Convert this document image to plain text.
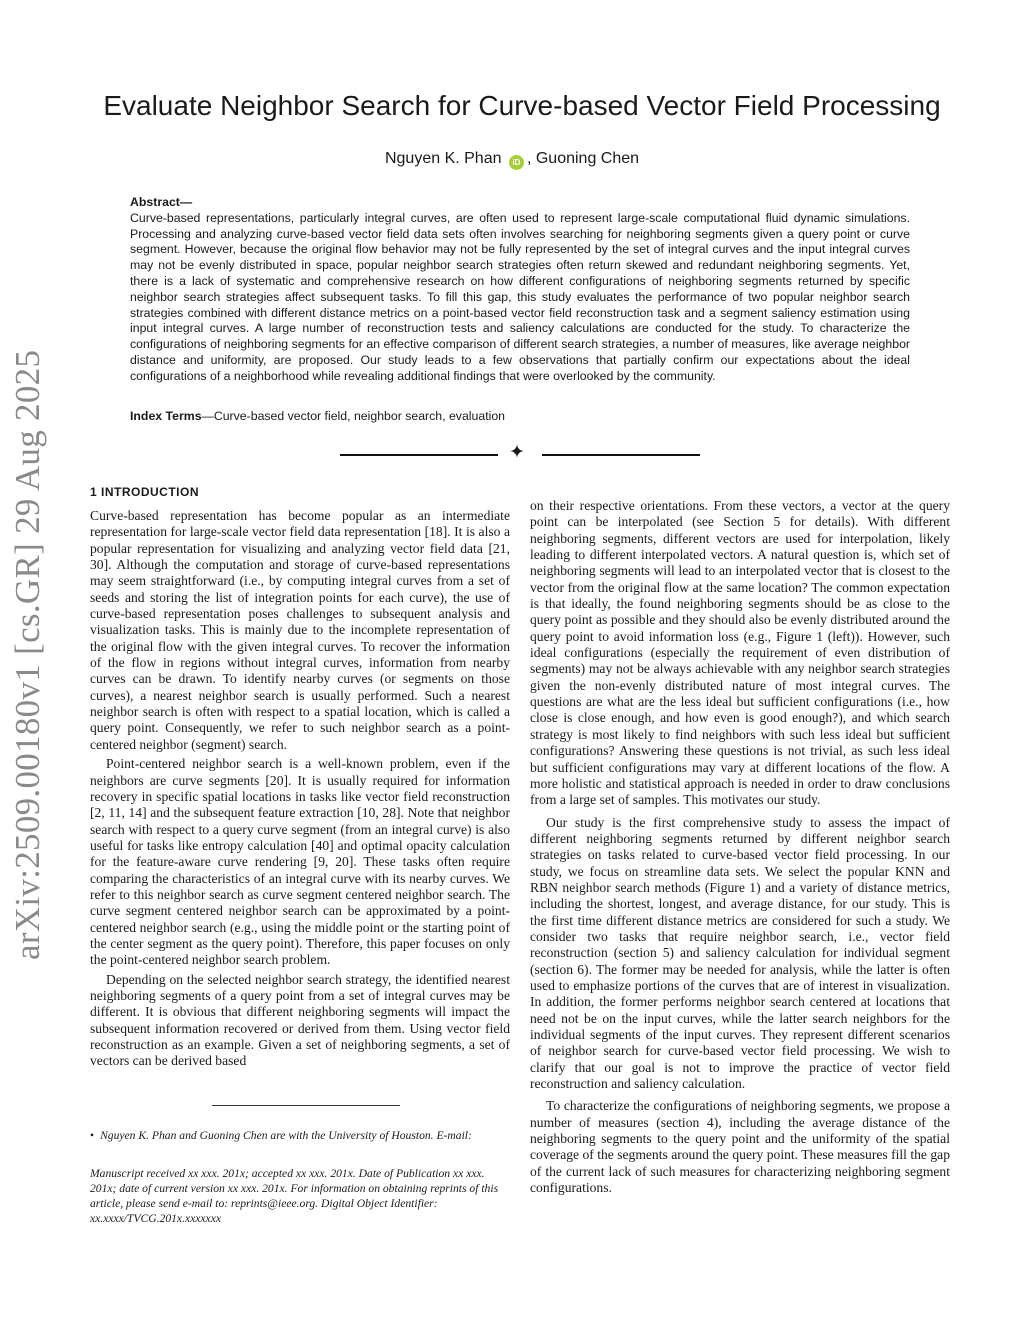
arXiv:2509.00180v1 [cs.GR] 29 Aug 2025
Evaluate Neighbor Search for Curve-based Vector Field Processing
Nguyen K. Phan iD , Guoning Chen
Abstract—
Curve-based representations, particularly integral curves, are often used to represent large-scale computational fluid dynamic simulations. Processing and analyzing curve-based vector field data sets often involves searching for neighboring segments given a query point or curve segment. However, because the original flow behavior may not be fully represented by the set of integral curves and the input integral curves may not be evenly distributed in space, popular neighbor search strategies often return skewed and redundant neighboring segments. Yet, there is a lack of systematic and comprehensive research on how different configurations of neighboring segments returned by specific neighbor search strategies affect subsequent tasks. To fill this gap, this study evaluates the performance of two popular neighbor search strategies combined with different distance metrics on a point-based vector field reconstruction task and a segment saliency estimation using input integral curves. A large number of reconstruction tests and saliency calculations are conducted for the study. To characterize the configurations of neighboring segments for an effective comparison of different search strategies, a number of measures, like average neighbor distance and uniformity, are proposed. Our study leads to a few observations that partially confirm our expectations about the ideal configurations of a neighborhood while revealing additional findings that were overlooked by the community.
Index Terms—Curve-based vector field, neighbor search, evaluation
✦
1 INTRODUCTION

Curve-based representation has become popular as an intermediate representation for large-scale vector field data representation [18]. It is also a popular representation for visualizing and analyzing vector field data [21, 30]. Although the computation and storage of curve-based representations may seem straightforward (i.e., by computing integral curves from a set of seeds and storing the list of integration points for each curve), the use of curve-based representation poses challenges to subsequent analysis and visualization tasks. This is mainly due to the incomplete representation of the original flow with the given integral curves. To recover the information of the flow in regions without integral curves, information from nearby curves can be drawn. To identify nearby curves (or segments on those curves), a nearest neighbor search is usually performed. Such a nearest neighbor search is often with respect to a spatial location, which is called a query point. Consequently, we refer to such neighbor search as a point-centered neighbor (segment) search.

Point-centered neighbor search is a well-known problem, even if the neighbors are curve segments [20]. It is usually required for information recovery in specific spatial locations in tasks like vector field reconstruction [2, 11, 14] and the subsequent feature extraction [10, 28]. Note that neighbor search with respect to a query curve segment (from an integral curve) is also useful for tasks like entropy calculation [40] and optimal opacity calculation for the feature-aware curve rendering [9, 20]. These tasks often require comparing the characteristics of an integral curve with its nearby curves. We refer to this neighbor search as curve segment centered neighbor search. The curve segment centered neighbor search can be approximated by a point-centered neighbor search (e.g., using the middle point or the starting point of the center segment as the query point). Therefore, this paper focuses on only the point-centered neighbor search problem.

Depending on the selected neighbor search strategy, the identified nearest neighboring segments of a query point from a set of integral curves may be different. It is obvious that different neighboring segments will impact the subsequent information recovered or derived from them. Using vector field reconstruction as an example. Given a set of neighboring segments, a set of vectors can be derived based

on their respective orientations. From these vectors, a vector at the query point can be interpolated (see Section 5 for details). With different neighboring segments, different vectors are used for interpolation, likely leading to different interpolated vectors. A natural question is, which set of neighboring segments will lead to an interpolated vector that is closest to the vector from the original flow at the same location? The common expectation is that ideally, the found neighboring segments should be as close to the query point as possible and they should also be evenly distributed around the query point to avoid information loss (e.g., Figure 1 (left)). However, such ideal configurations (especially the requirement of even distribution of segments) may not be always achievable with any neighbor search strategies given the non-evenly distributed nature of most integral curves. The questions are what are the less ideal but sufficient configurations (i.e., how close is close enough, and how even is good enough?), and which search strategy is most likely to find neighbors with such less ideal but sufficient configurations? Answering these questions is not trivial, as such less ideal but sufficient configurations may vary at different locations of the flow. A more holistic and statistical approach is needed in order to draw conclusions from a large set of samples. This motivates our study.

Our study is the first comprehensive study to assess the impact of different neighboring segments returned by different neighbor search strategies on tasks related to curve-based vector field processing. In our study, we focus on streamline data sets. We select the popular KNN and RBN neighbor search methods (Figure 1) and a variety of distance metrics, including the shortest, longest, and average distance, for our study. This is the first time different distance metrics are considered for such a study. We consider two tasks that require neighbor search, i.e., vector field reconstruction (section 5) and saliency calculation for individual segment (section 6). The former may be needed for analysis, while the latter is often used to emphasize portions of the curves that are of interest in visualization. In addition, the former performs neighbor search centered at locations that need not be on the input curves, while the latter search neighbors for the individual segments of the input curves. They represent different scenarios of neighbor search for curve-based vector field processing. We wish to clarify that our goal is not to improve the practice of vector field reconstruction and saliency calculation.

To characterize the configurations of neighboring segments, we propose a number of measures (section 4), including the average distance of the neighboring segments to the query point and the uniformity of the spatial coverage of the segments around the query point. These measures fill the gap of the current lack of such measures for characterizing neighboring segment configurations.

• Nguyen K. Phan and Guoning Chen are with the University of Houston. E-mail:
Manuscript received xx xxx. 201x; accepted xx xxx. 201x. Date of Publication xx xxx. 201x; date of current version xx xxx. 201x. For information on obtaining reprints of this article, please send e-mail to: reprints@ieee.org. Digital Object Identifier: xx.xxxx/TVCG.201x.xxxxxxx
